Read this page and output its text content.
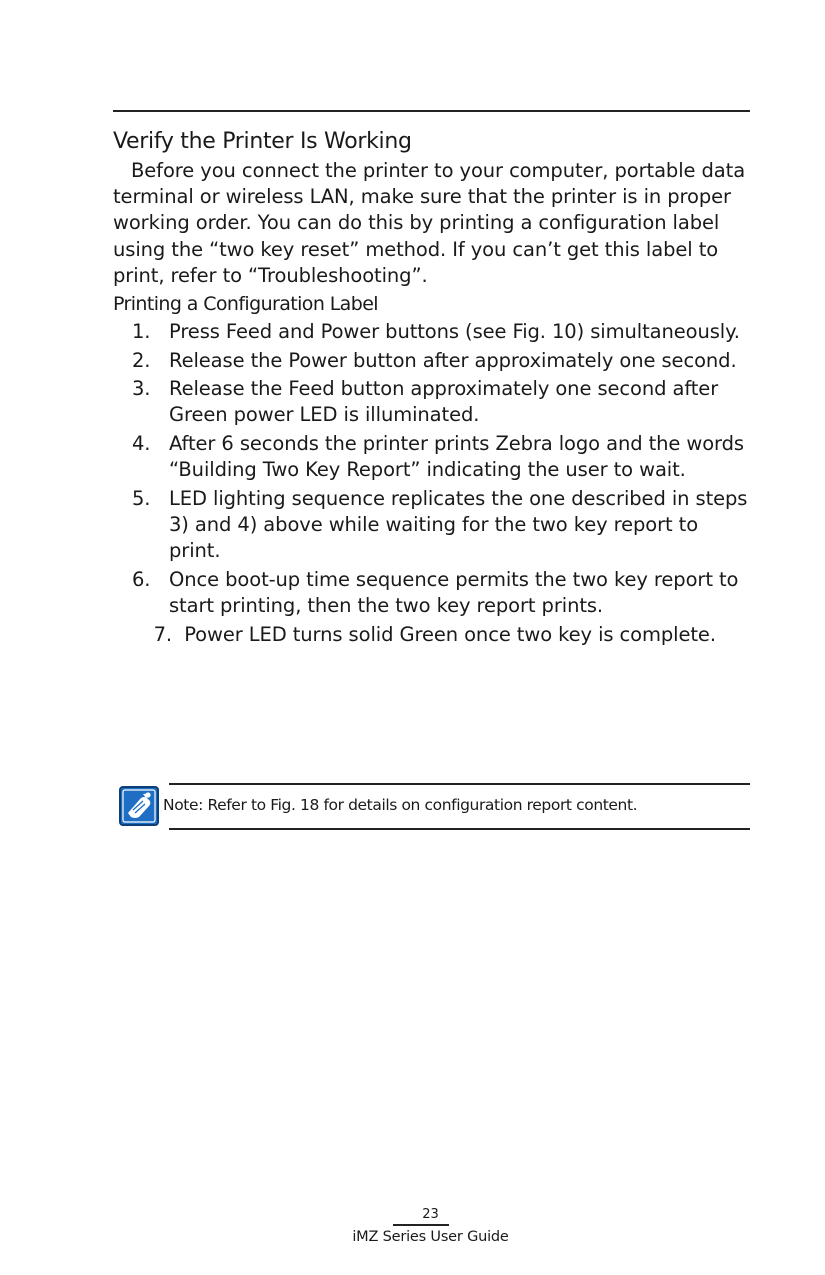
Verify the Printer Is Working

Before you connect the printer to your computer, portable data terminal or wireless LAN, make sure that the printer is in proper working order. You can do this by printing a configuration label using the “two key reset” method. If you can’t get this label to print, refer to “Troubleshooting”.

Printing a Configuration Label
1. Press Feed and Power buttons (see Fig. 10) simultaneously.
2. Release the Power button after approximately one second.
3. Release the Feed button approximately one second after Green power LED is illuminated.
4. After 6 seconds the printer prints Zebra logo and the words “Building Two Key Report” indicating the user to wait.
5. LED lighting sequence replicates the one described in steps 3) and 4) above while waiting for the two key report to print.
6. Once boot-up time sequence permits the two key report to start printing, then the two key report prints.

7. Power LED turns solid Green once two key is complete.

Note: Refer to Fig. 18 for details on configuration report content.
23
iMZ Series User Guide
